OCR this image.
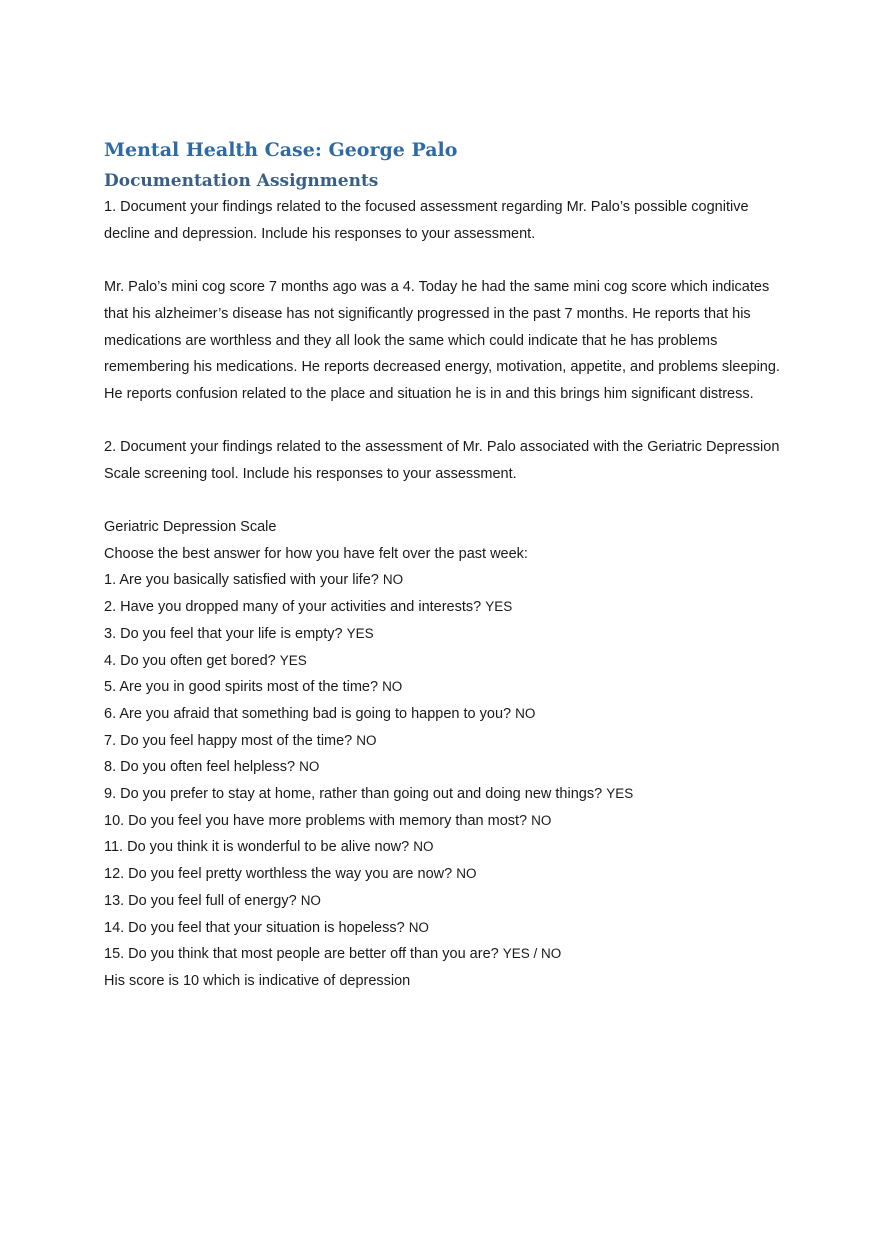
Mental Health Case: George Palo
Documentation Assignments

1. Document your findings related to the focused assessment regarding Mr. Palo’s possible cognitive decline and depression. Include his responses to your assessment.

Mr. Palo’s mini cog score 7 months ago was a 4. Today he had the same mini cog score which indicates that his alzheimer’s disease has not significantly progressed in the past 7 months. He reports that his medications are worthless and they all look the same which could indicate that he has problems remembering his medications. He reports decreased energy, motivation, appetite, and problems sleeping. He reports confusion related to the place and situation he is in and this brings him significant distress.

2. Document your findings related to the assessment of Mr. Palo associated with the Geriatric Depression Scale screening tool. Include his responses to your assessment.

Geriatric Depression Scale

Choose the best answer for how you have felt over the past week:

1. Are you basically satisfied with your life? NO

2. Have you dropped many of your activities and interests? YES

3. Do you feel that your life is empty? YES

4. Do you often get bored? YES

5. Are you in good spirits most of the time? NO

6. Are you afraid that something bad is going to happen to you? NO

7. Do you feel happy most of the time? NO

8. Do you often feel helpless? NO

9. Do you prefer to stay at home, rather than going out and doing new things? YES

10. Do you feel you have more problems with memory than most? NO

11. Do you think it is wonderful to be alive now? NO

12. Do you feel pretty worthless the way you are now? NO

13. Do you feel full of energy? NO

14. Do you feel that your situation is hopeless? NO

15. Do you think that most people are better off than you are? YES / NO

His score is 10 which is indicative of depression
